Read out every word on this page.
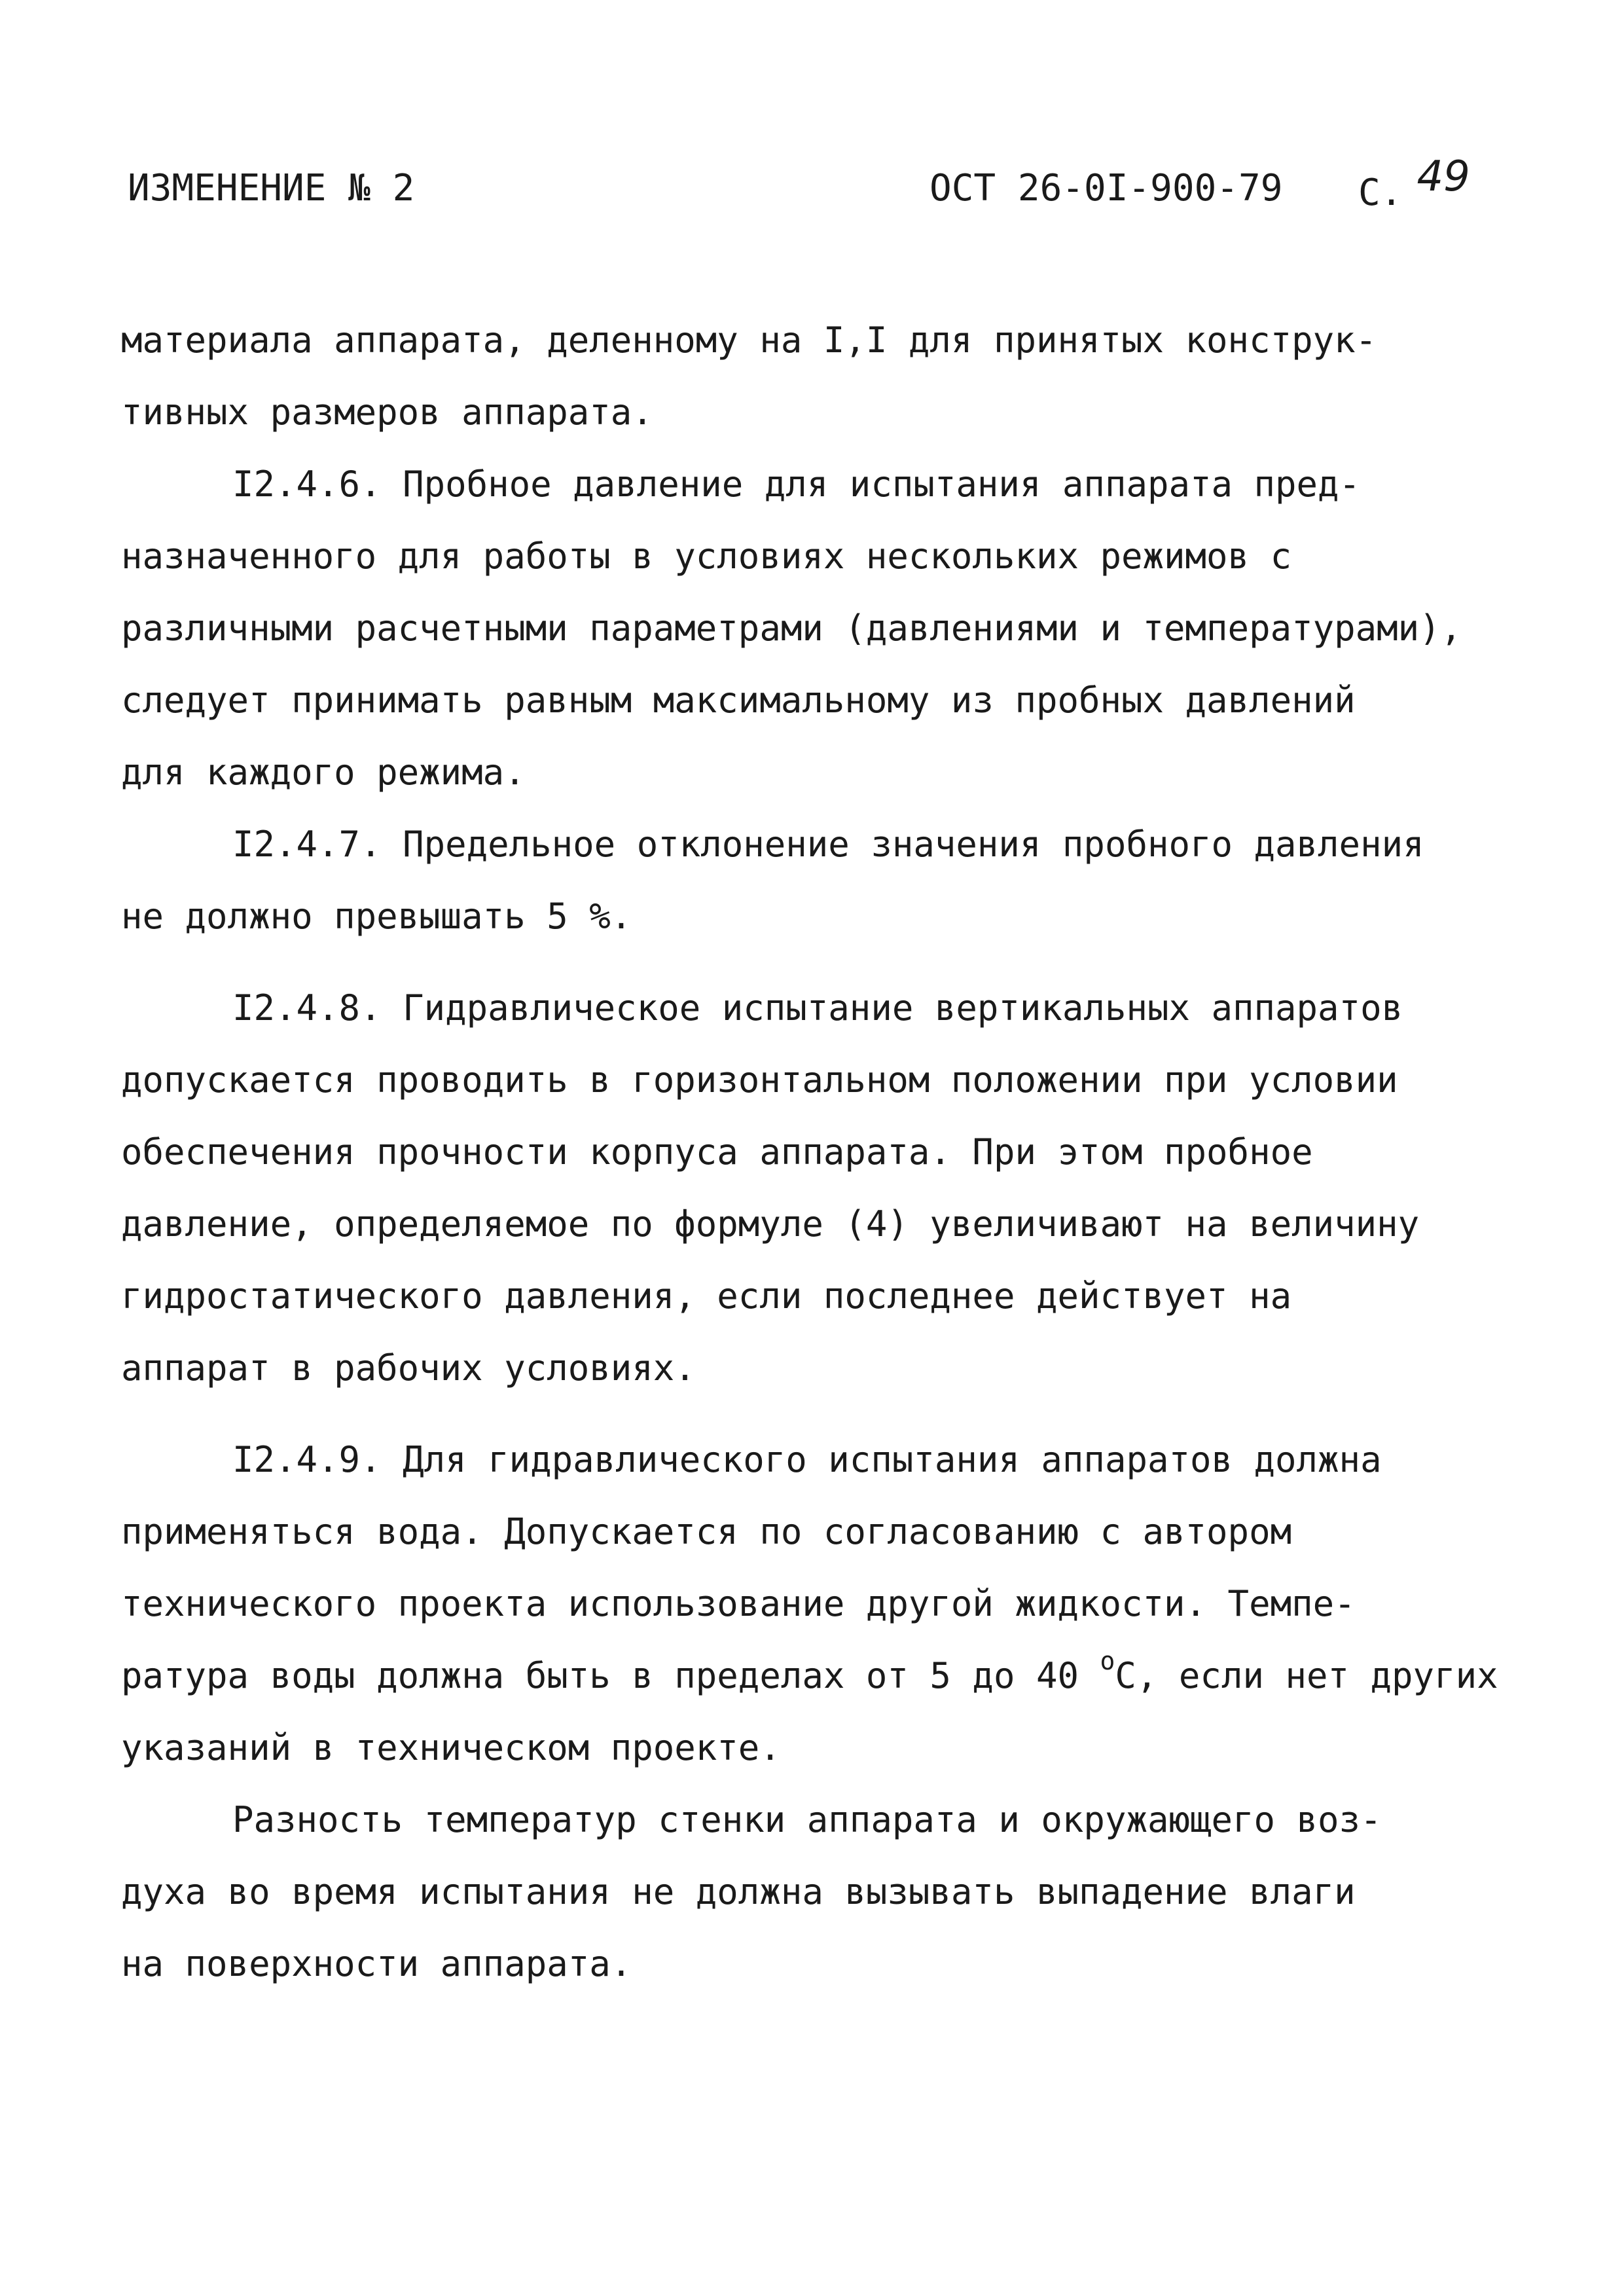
ИЗМЕНЕНИЕ № 2	ОСТ 26-0I-900-79 С. 49
материала аппарата, деленному на I,I для принятых конструк-
тивных размеров аппарата.
I2.4.6. Пробное давление для испытания аппарата пред-
назначенного для работы в условиях нескольких режимов с
различными расчетными параметрами (давлениями и температурами),
следует принимать равным максимальному из пробных давлений
для каждого режима.
I2.4.7. Предельное отклонение значения пробного давления
не должно превышать 5 %.
I2.4.8. Гидравлическое испытание вертикальных аппаратов
допускается проводить в горизонтальном положении при условии
обеспечения прочности корпуса аппарата. При этом пробное
давление, определяемое по формуле (4) увеличивают на величину
гидростатического давления, если последнее действует на
аппарат в рабочих условиях.
I2.4.9. Для гидравлического испытания аппаратов должна
применяться вода. Допускается по согласованию с автором
технического проекта использование другой жидкости. Темпе-
ратура воды должна быть в пределах от 5 до 40 $^о$С, если нет других
указаний в техническом проекте.
Разность температур стенки аппарата и окружающего воз-
духа во время испытания не должна вызывать выпадение влаги
на поверхности аппарата.
